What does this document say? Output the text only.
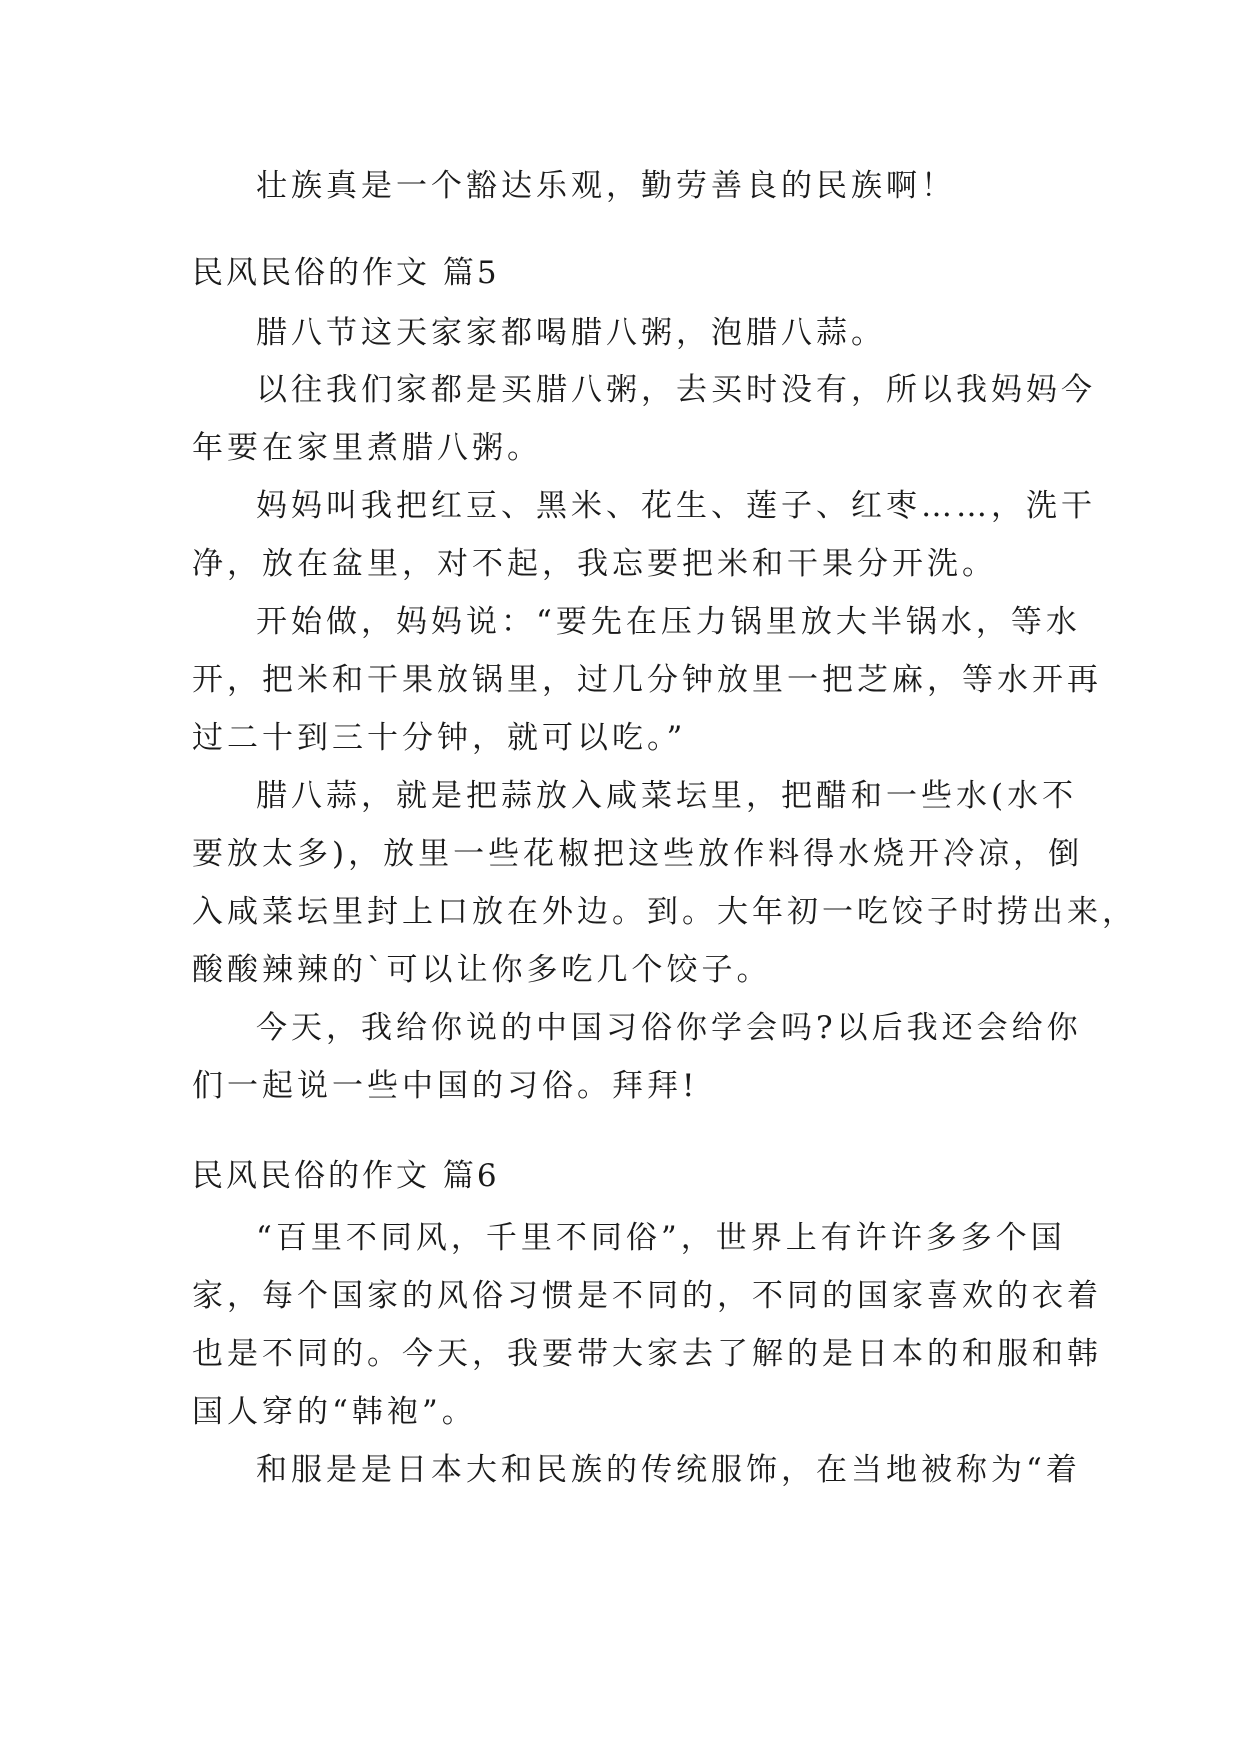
壮族真是一个豁达乐观，勤劳善良的民族啊！
民风民俗的作文 篇5
腊八节这天家家都喝腊八粥，泡腊八蒜。
以往我们家都是买腊八粥，去买时没有，所以我妈妈今
年要在家里煮腊八粥。
妈妈叫我把红豆、黑米、花生、莲子、红枣……，洗干
净，放在盆里，对不起，我忘要把米和干果分开洗。
开始做，妈妈说：“要先在压力锅里放大半锅水，等水
开，把米和干果放锅里，过几分钟放里一把芝麻，等水开再
过二十到三十分钟，就可以吃。”
腊八蒜，就是把蒜放入咸菜坛里，把醋和一些水(水不
要放太多)，放里一些花椒把这些放作料得水烧开冷凉，倒
入咸菜坛里封上口放在外边。到。大年初一吃饺子时捞出来，
酸酸辣辣的`可以让你多吃几个饺子。
今天，我给你说的中国习俗你学会吗?以后我还会给你
们一起说一些中国的习俗。拜拜!
民风民俗的作文 篇6
“百里不同风，千里不同俗”，世界上有许许多多个国
家，每个国家的风俗习惯是不同的，不同的国家喜欢的衣着
也是不同的。今天，我要带大家去了解的是日本的和服和韩
国人穿的“韩袍”。
和服是是日本大和民族的传统服饰，在当地被称为“着
